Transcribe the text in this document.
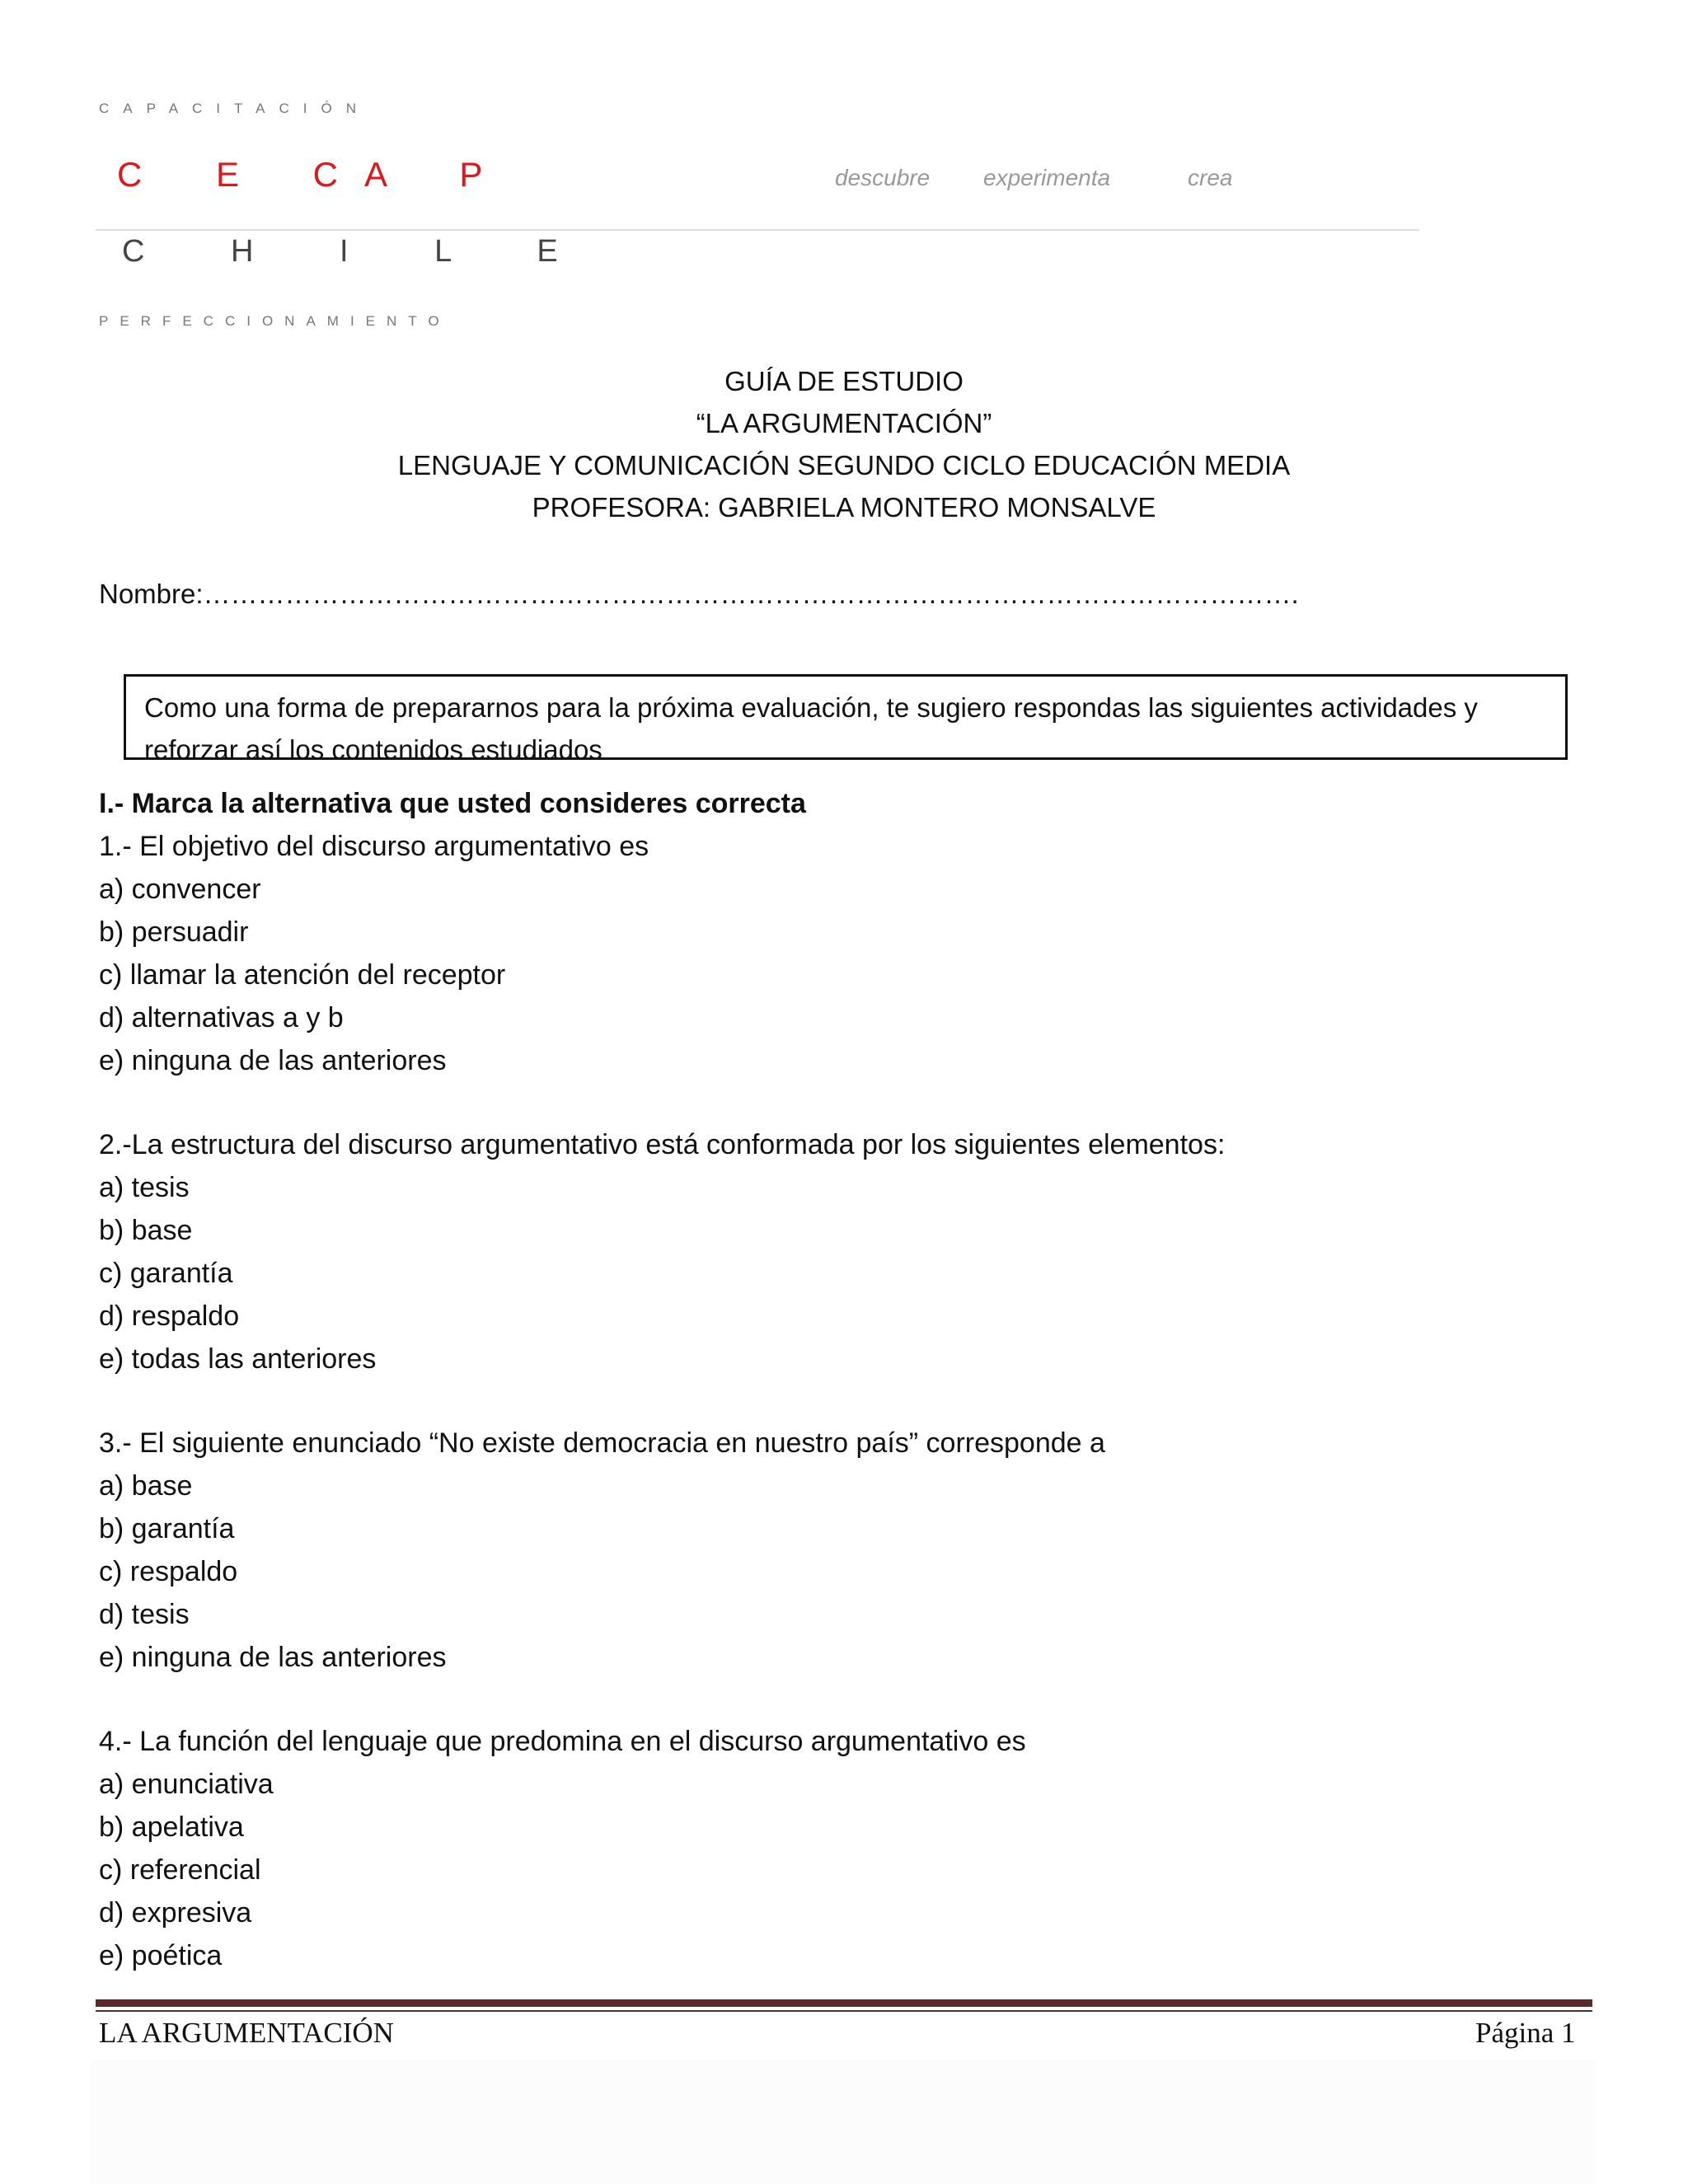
CAPACITACIÓN
C E CA P	descubre experimenta	crea
C H I L E
PERFECCIONAMIENTO
GUÍA DE ESTUDIO
“LA ARGUMENTACIÓN”
LENGUAJE Y COMUNICACIÓN SEGUNDO CICLO EDUCACIÓN MEDIA
PROFESORA: GABRIELA MONTERO MONSALVE
Nombre:………………………………………………………………………………………………………….
Como una forma de prepararnos para la próxima evaluación, te sugiero respondas las siguientes actividades y
reforzar así los contenidos estudiados
I.- Marca la alternativa que usted consideres correcta
1.- El objetivo del discurso argumentativo es
a) convencer
b) persuadir
c) llamar la atención del receptor
d) alternativas a y b
e) ninguna de las anteriores
2.-La estructura del discurso argumentativo está conformada por los siguientes elementos:
a) tesis
b) base
c) garantía
d) respaldo
e) todas las anteriores
3.- El siguiente enunciado “No existe democracia en nuestro país” corresponde a
a) base
b) garantía
c) respaldo
d) tesis
e) ninguna de las anteriores
4.- La función del lenguaje que predomina en el discurso argumentativo es
a) enunciativa
b) apelativa
c) referencial
d) expresiva
e) poética
LA ARGUMENTACIÓN	Página 1
